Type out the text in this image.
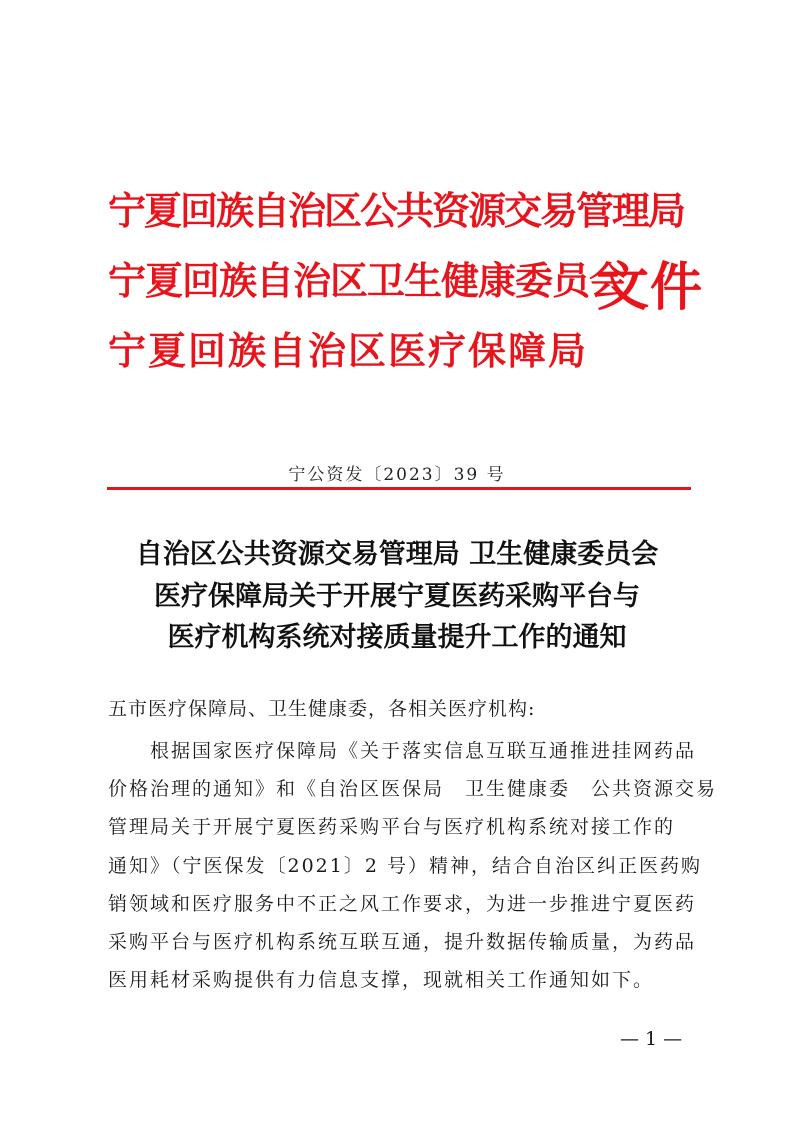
宁夏回族自治区公共资源交易管理局
宁夏回族自治区卫生健康委员会
宁夏回族自治区医疗保障局
文件
宁公资发〔2023〕39 号
自治区公共资源交易管理局 卫生健康委员会
医疗保障局关于开展宁夏医药采购平台与
医疗机构系统对接质量提升工作的通知
五市医疗保障局、卫生健康委，各相关医疗机构:
　　根据国家医疗保障局《关于落实信息互联互通推进挂网药品
价格治理的通知》和《自治区医保局　卫生健康委　公共资源交易
管理局关于开展宁夏医药采购平台与医疗机构系统对接工作的
通知》（宁医保发〔2021〕2 号）精神，结合自治区纠正医药购
销领域和医疗服务中不正之风工作要求，为进一步推进宁夏医药
采购平台与医疗机构系统互联互通，提升数据传输质量，为药品
医用耗材采购提供有力信息支撑，现就相关工作通知如下。
— 1 —
